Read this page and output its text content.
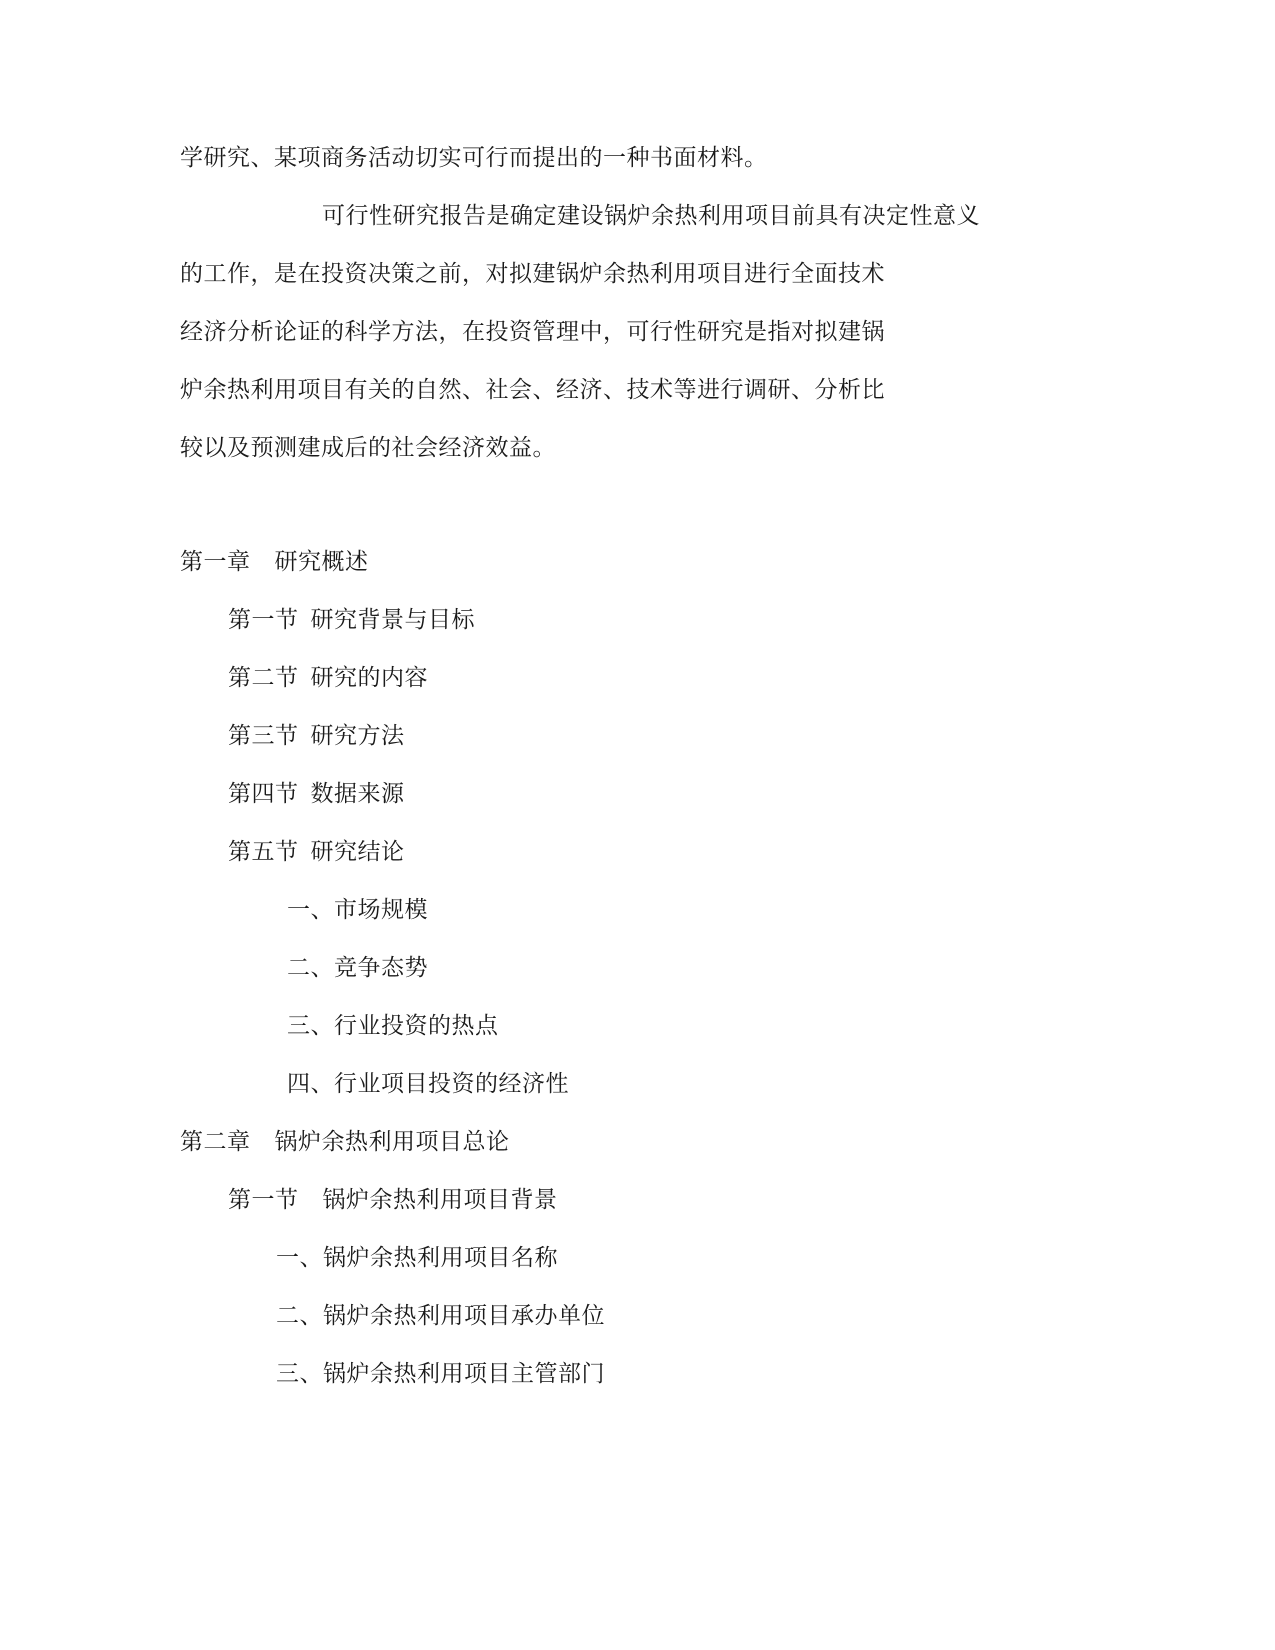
学研究、某项商务活动切实可行而提出的一种书面材料。
可行性研究报告是确定建设锅炉余热利用项目前具有决定性意义
的工作，是在投资决策之前，对拟建锅炉余热利用项目进行全面技术
经济分析论证的科学方法，在投资管理中，可行性研究是指对拟建锅
炉余热利用项目有关的自然、社会、经济、技术等进行调研、分析比
较以及预测建成后的社会经济效益。
第一章 研究概述
第一节 研究背景与目标
第二节 研究的内容
第三节 研究方法
第四节 数据来源
第五节 研究结论
一、市场规模
二、竞争态势
三、行业投资的热点
四、行业项目投资的经济性
第二章 锅炉余热利用项目总论
第一节 锅炉余热利用项目背景
一、锅炉余热利用项目名称
二、锅炉余热利用项目承办单位
三、锅炉余热利用项目主管部门
